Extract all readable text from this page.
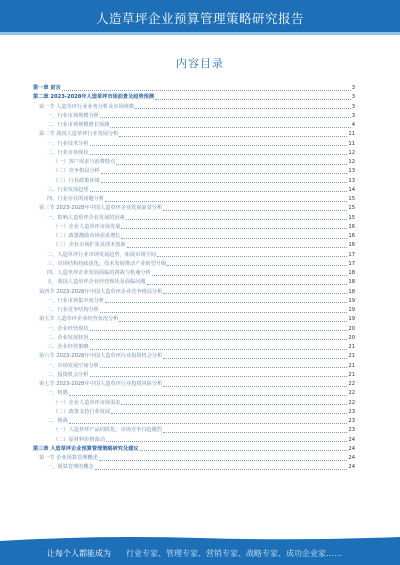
人造草坪企业预算管理策略研究报告
内容目录
第一章 前言	3
第二章 2023-2028年人造草坪市场前景及趋势预测	3
第一节 人造草坪行业业务分析及市场规模	3
一、行业市场规模分析	3
二、行业市场规模增长预测	4
第二节 我国人造草坪行业发展分析	11
一、行业技术分析	11
二、行业市场现状	12
（一）客户需求与消费特点	12
（二）竞争格局分析	13
（三）行业政策环境	13
三、行业发展趋势	14
四、行业存在的问题分析	15
第三节 2023-2028年中国人造草坪企业发展前景分析	15
一、影响人造草坪企业发展的因素	15
（一）企业人造草坪市场发展	16
（二）政策激励市场需求增长	16
（三）企业市场扩张及技术创新	16
二、人造草坪行业市场发展趋势，拓展市场空间	17
三、市场结构持续优化，技术发展推动产业转型升级	17
四、人造草坪企业发展面临的挑战与机遇分析	18
五、我国人造草坪企业经营现状及面临问题	18
第四节 2023-2028年中国人造草坪企业竞争格局分析	18
一、行业市场集中度分析	19
二、行业竞争结构分析	19
第五节 人造草坪企业经营状况分析	19
一、企业经营现状	20
二、企业发展状况	20
三、企业经营策略	21
第六节 2023-2028年中国人造草坪行业投资机会分析	21
一、市场发展空间分析	21
二、投资机会分析	21
第七节 2023-2028年中国人造草坪行业投资风险分析	22
一、机遇	22
（一）企业人造草坪市场需求	22
（二）政策支持行业发展	23
二、挑战	23
（一）人造草坪产品同质化，市场竞争日趋激烈	23
（二）原材料价格波动	24
第三章 人造草坪企业预算管理策略研究及建议	24
第一节 企业预算管理概述	24
一、预算管理的概念	24
让每个人都能成为 行业专家、管理专家、营销专家、战略专家、成功企业家……
